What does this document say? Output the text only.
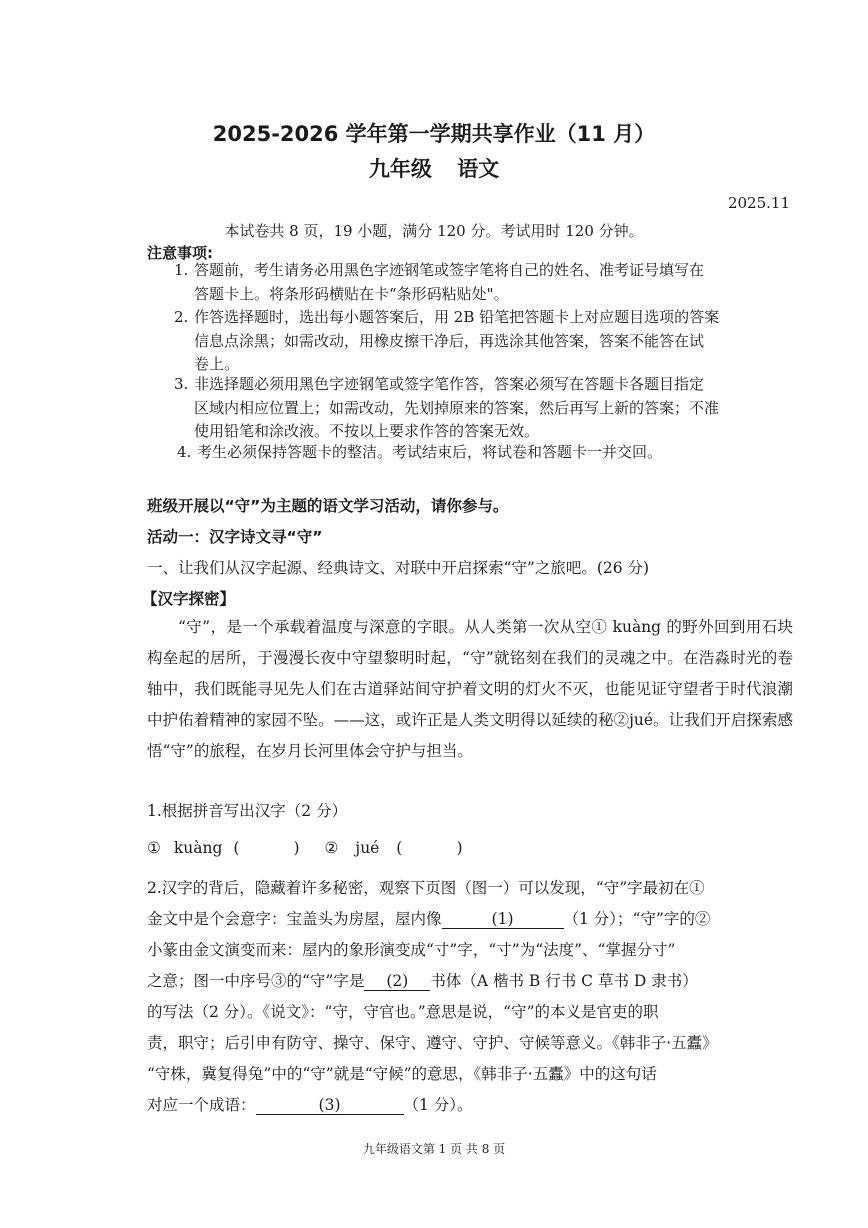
2025-2026 学年第一学期共享作业（11 月）
九年级 语文
2025.11
本试卷共 8 页，19 小题，满分 120 分。考试用时 120 分钟。
注意事项:
1. 答题前，考生请务必用黑色字迹钢笔或签字笔将自己的姓名、准考证号填写在
答题卡上。将条形码横贴在卡“条形码粘贴处"。
2. 作答选择题时，选出每小题答案后，用 2B 铅笔把答题卡上对应题目选项的答案
信息点涂黑；如需改动，用橡皮擦干净后，再选涂其他答案，答案不能答在试
卷上。
3. 非选择题必须用黑色字迹钢笔或签字笔作答，答案必须写在答题卡各题目指定
区域内相应位置上；如需改动，先划掉原来的答案，然后再写上新的答案；不准
使用铅笔和涂改液。不按以上要求作答的答案无效。
4. 考生必须保持答题卡的整洁。考试结束后，将试卷和答题卡一并交回。
班级开展以“守”为主题的语文学习活动，请你参与。
活动一：汉字诗文寻“守”
一、让我们从汉字起源、经典诗文、对联中开启探索“守”之旅吧。(26 分)
【汉字探密】
“守”，是一个承载着温度与深意的字眼。从人类第一次从空① kuàng 的野外回到用石块构垒起的居所，于漫漫长夜中守望黎明时起，“守”就铭刻在我们的灵魂之中。在浩淼时光的卷轴中，我们既能寻见先人们在古道驿站间守护着文明的灯火不灭，也能见证守望者于时代浪潮中护佑着精神的家园不坠。——这，或许正是人类文明得以延续的秘②jué。让我们开启探索感悟“守”的旅程，在岁月长河里体会守护与担当。
1.根据拼音写出汉字（2 分）
① kuàng (           ) ② jué (           )
2.汉字的背后，隐藏着许多秘密，观察下页图（图一）可以发现，“守”字最初在①
金文中是个会意字：宝盖头为房屋，屋内像	(1)	（1 分）；“守”字的②
小篆由金文演变而来：屋内的象形演变成“寸”字，“寸”为“法度”、“掌握分寸”
之意；图一中序号③的“守”字是 (2) 书体（A 楷书 B 行书 C 草书 D 隶书）
的写法（2 分）。《说文》：“守，守官也。”意思是说，“守”的本义是官吏的职
责，职守；后引申有防守、操守、保守、遵守、守护、守候等意义。《韩非子·五蠹》
“守株，冀复得兔”中的“守”就是“守候”的意思，《韩非子·五蠹》中的这句话
对应一个成语：	(3)	（1 分）。
九年级语文第 1 页 共 8 页
